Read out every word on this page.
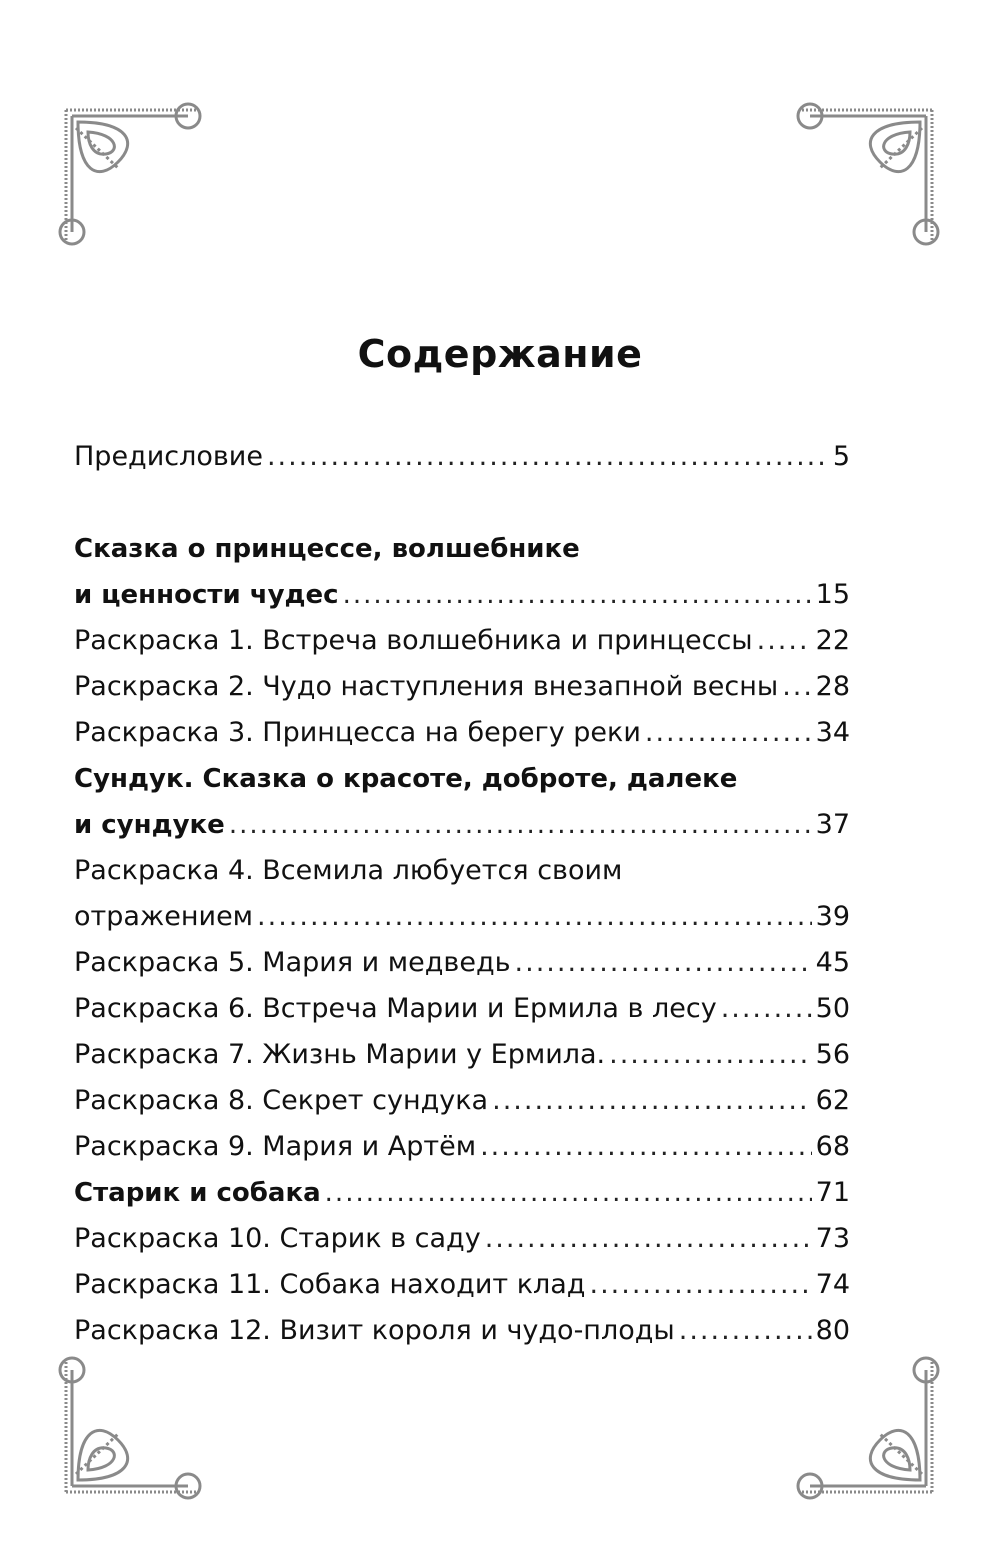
Содержание
Предисловие .....	5
Сказка о принцессе, волшебнике
и ценности чудес .....	15
Раскраска 1. Встреча волшебника и принцессы ..... 22
Раскраска 2. Чудо наступления внезапной весны ..... 28
Раскраска 3. Принцесса на берегу реки .....	34
Сундук. Сказка о красоте, доброте, далеке
и сундуке .....	37
Раскраска 4. Всемила любуется своим
отражением .....	39
Раскраска 5. Мария и медведь .....	45
Раскраска 6. Встреча Марии и Ермила в лесу .....	50
Раскраска 7. Жизнь Марии у Ермила. .....	56
Раскраска 8. Секрет сундука .....	62
Раскраска 9. Мария и Артём .....	68
Старик и собака .....	71
Раскраска 10. Старик в саду .....	73
Раскраска 11. Собака находит клад .....	74
Раскраска 12. Визит короля и чудо-плоды .....	80
